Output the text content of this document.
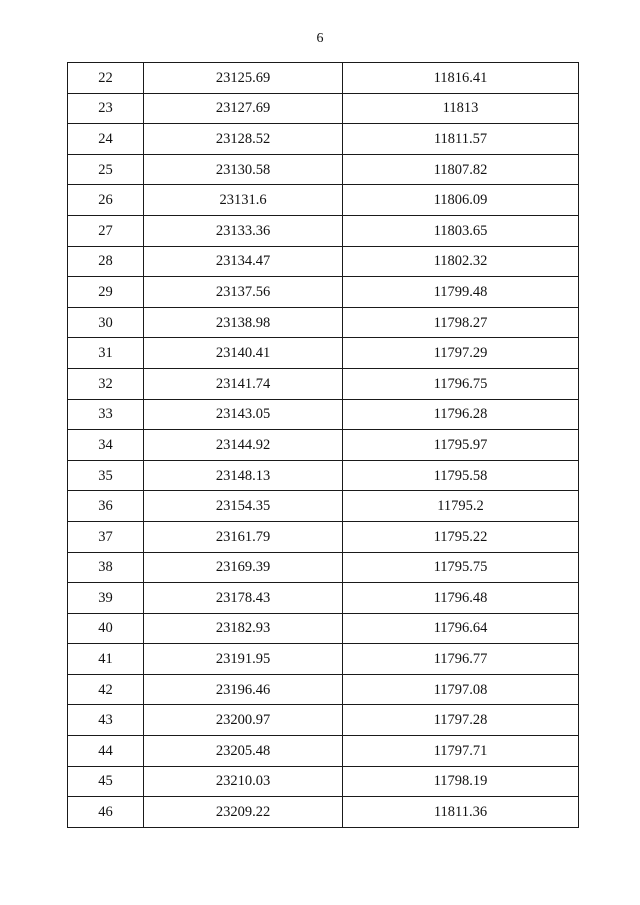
6
22	23125.69	11816.41
23	23127.69	11813
24	23128.52	11811.57
25	23130.58	11807.82
26	23131.6	11806.09
27	23133.36	11803.65
28	23134.47	11802.32
29	23137.56	11799.48
30	23138.98	11798.27
31	23140.41	11797.29
32	23141.74	11796.75
33	23143.05	11796.28
34	23144.92	11795.97
35	23148.13	11795.58
36	23154.35	11795.2
37	23161.79	11795.22
38	23169.39	11795.75
39	23178.43	11796.48
40	23182.93	11796.64
41	23191.95	11796.77
42	23196.46	11797.08
43	23200.97	11797.28
44	23205.48	11797.71
45	23210.03	11798.19
46	23209.22	11811.36
